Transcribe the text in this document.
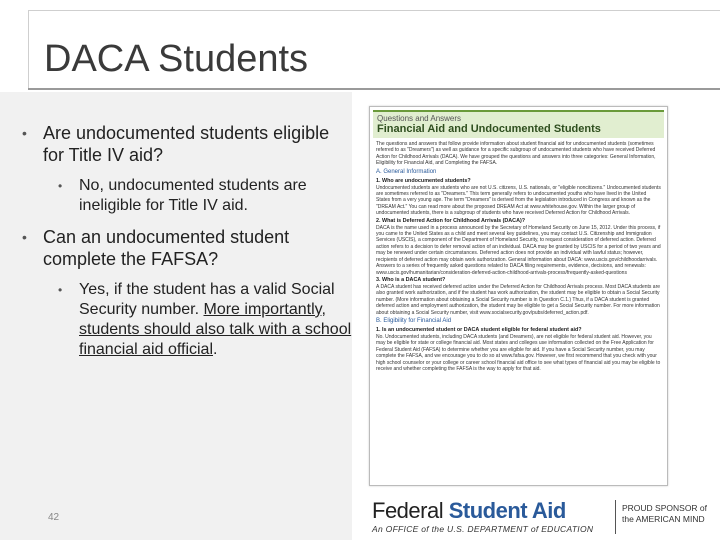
DACA Students
• Are undocumented students eligible for Title IV aid?
• No, undocumented students are ineligible for Title IV aid.
• Can an undocumented student complete the FAFSA?
• Yes, if the student has a valid Social Security number. More importantly, students should also talk with a school financial aid official.
42
Questions and Answers
Financial Aid and Undocumented Students
The questions and answers that follow provide information about student financial aid for undocumented students (sometimes referred to as "Dreamers") as well as guidance for a specific subgroup of undocumented students who have received Deferred Action for Childhood Arrivals (DACA). We have grouped the questions and answers into three categories: General Information, Eligibility for Financial Aid, and Completing the FAFSA.
A. General Information
1. Who are undocumented students?
Undocumented students are students who are not U.S. citizens, U.S. nationals, or "eligible noncitizens." Undocumented students are sometimes referred to as "Dreamers." This term generally refers to undocumented youths who have lived in the United States from a very young age. The term "Dreamers" is derived from the legislation introduced in Congress and known as the "DREAM Act." You can read more about the proposed DREAM Act at www.whitehouse.gov. Within the larger group of undocumented students, there is a subgroup of students who have received Deferred Action for Childhood Arrivals.
2. What is Deferred Action for Childhood Arrivals (DACA)?
DACA is the name used in a process announced by the Secretary of Homeland Security on June 15, 2012. Under this process, if you came to the United States as a child and meet several key guidelines, you may contact U.S. Citizenship and Immigration Services (USCIS), a component of the Department of Homeland Security, to request consideration of deferred action. Deferred action refers to a decision to defer removal action of an individual. DACA may be granted by USCIS for a period of two years and may be renewed under certain circumstances. Deferred action does not provide an individual with lawful status; however, recipients of deferred action may obtain work authorization. General information about DACA: www.uscis.gov/childhoodarrivals. Answers to a series of frequently asked questions related to DACA filing requirements, evidence, decisions, and renewals: www.uscis.gov/humanitarian/consideration-deferred-action-childhood-arrivals-process/frequently-asked-questions
3. Who is a DACA student?
A DACA student has received deferred action under the Deferred Action for Childhood Arrivals process. Most DACA students are also granted work authorization, and if the student has work authorization, the student may be eligible to obtain a Social Security number. (More information about obtaining a Social Security number is in Question C.1.) Thus, if a DACA student is granted deferred action and employment authorization, the student may be eligible to get a Social Security number. For more information about obtaining a Social Security number, visit www.socialsecurity.gov/pubs/deferred_action.pdf.
B. Eligibility for Financial Aid
1. Is an undocumented student or DACA student eligible for federal student aid?
No. Undocumented students, including DACA students (and Dreamers), are not eligible for federal student aid. However, you may be eligible for state or college financial aid. Most states and colleges use information collected on the Free Application for Federal Student Aid (FAFSA) to determine whether you are eligible for aid. If you have a Social Security number, you may complete the FAFSA, and we encourage you to do so at www.fafsa.gov. However, we first recommend that you check with your high school counselor or your college or career school financial aid office to see what types of financial aid you may be eligible to receive and whether completing the FAFSA is the way to apply for that aid.
Federal Student Aid
An OFFICE of the U.S. DEPARTMENT of EDUCATION
PROUD SPONSOR of
the AMERICAN MIND
